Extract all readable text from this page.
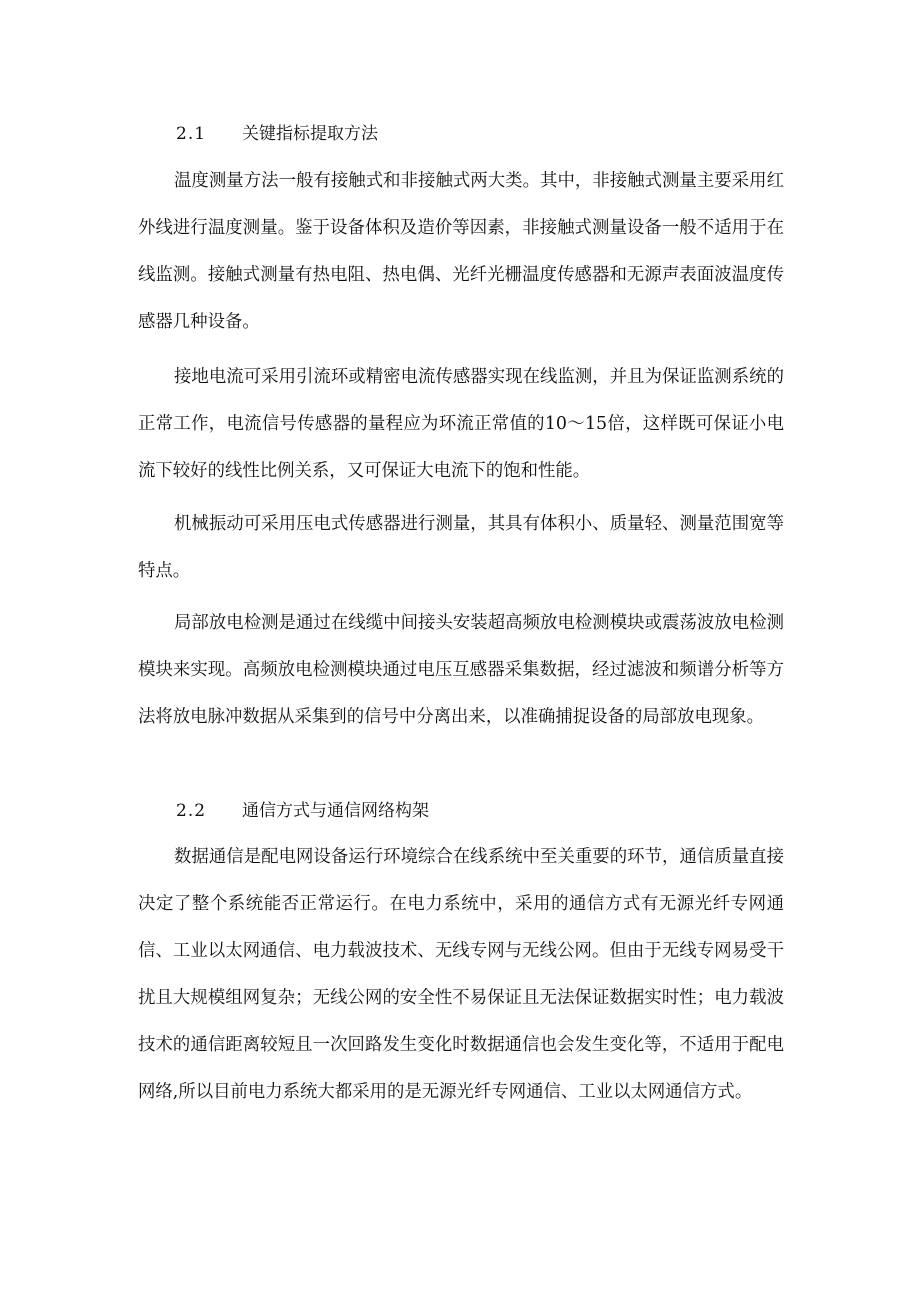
2.1 关键指标提取方法

温度测量方法一般有接触式和非接触式两大类。其中，非接触式测量主要采用红外线进行温度测量。鉴于设备体积及造价等因素，非接触式测量设备一般不适用于在线监测。接触式测量有热电阻、热电偶、光纤光栅温度传感器和无源声表面波温度传感器几种设备。

接地电流可采用引流环或精密电流传感器实现在线监测，并且为保证监测系统的正常工作，电流信号传感器的量程应为环流正常值的10～15倍，这样既可保证小电流下较好的线性比例关系，又可保证大电流下的饱和性能。

机械振动可采用压电式传感器进行测量，其具有体积小、质量轻、测量范围宽等特点。

局部放电检测是通过在线缆中间接头安装超高频放电检测模块或震荡波放电检测模块来实现。高频放电检测模块通过电压互感器采集数据，经过滤波和频谱分析等方法将放电脉冲数据从采集到的信号中分离出来，以准确捕捉设备的局部放电现象。

2.2 通信方式与通信网络构架

数据通信是配电网设备运行环境综合在线系统中至关重要的环节，通信质量直接决定了整个系统能否正常运行。在电力系统中，采用的通信方式有无源光纤专网通信、工业以太网通信、电力载波技术、无线专网与无线公网。但由于无线专网易受干扰且大规模组网复杂；无线公网的安全性不易保证且无法保证数据实时性；电力载波技术的通信距离较短且一次回路发生变化时数据通信也会发生变化等，不适用于配电网络,所以目前电力系统大都采用的是无源光纤专网通信、工业以太网通信方式。
